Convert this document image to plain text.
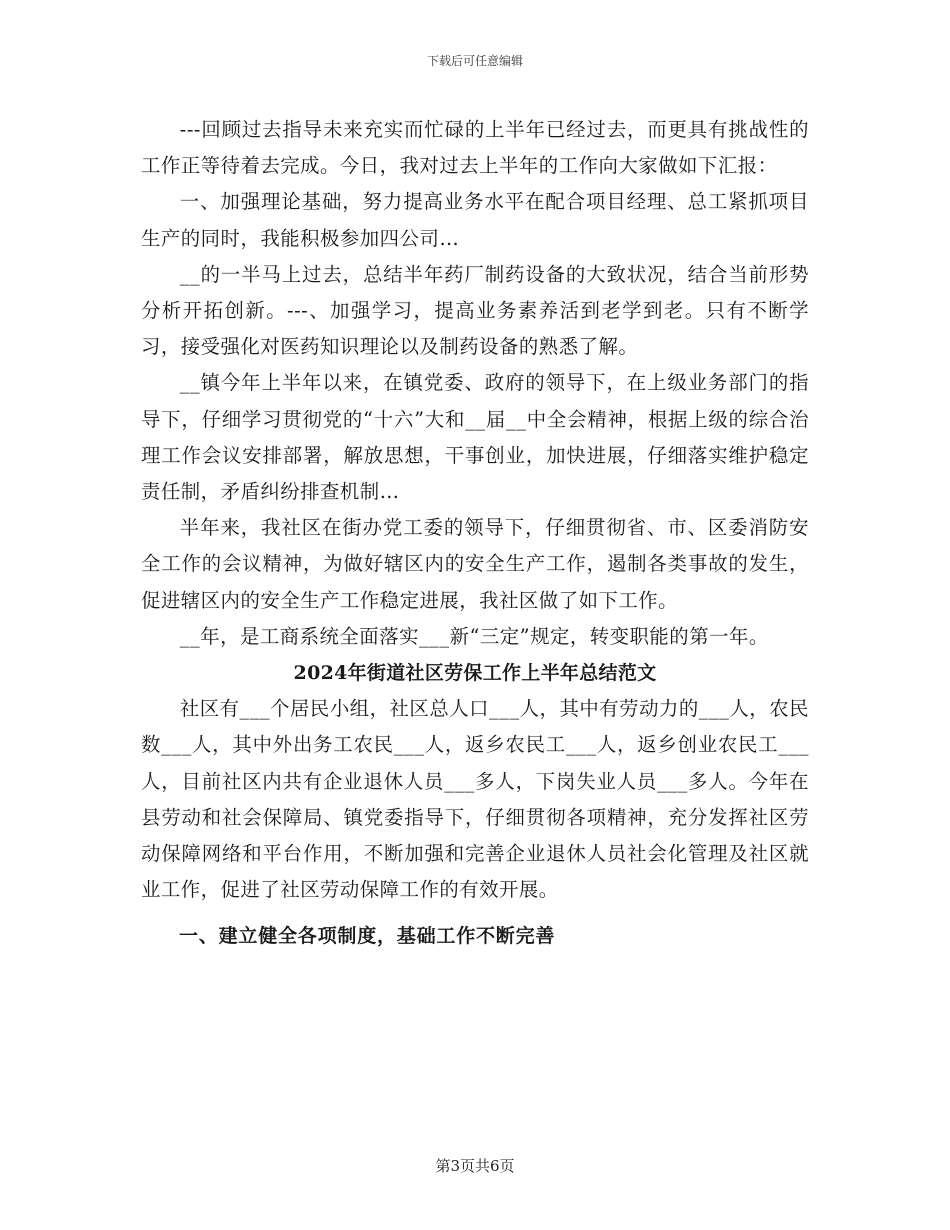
下载后可任意编辑

---回顾过去指导未来充实而忙碌的上半年已经过去，而更具有挑战性的工作正等待着去完成。今日，我对过去上半年的工作向大家做如下汇报：

一、加强理论基础，努力提高业务水平在配合项目经理、总工紧抓项目生产的同时，我能积极参加四公司…

__的一半马上过去，总结半年药厂制药设备的大致状况，结合当前形势分析开拓创新。---、加强学习，提高业务素养活到老学到老。只有不断学习，接受强化对医药知识理论以及制药设备的熟悉了解。

__镇今年上半年以来，在镇党委、政府的领导下，在上级业务部门的指导下，仔细学习贯彻党的“十六”大和__届__中全会精神，根据上级的综合治理工作会议安排部署，解放思想，干事创业，加快进展，仔细落实维护稳定责任制，矛盾纠纷排查机制…

半年来，我社区在街办党工委的领导下，仔细贯彻省、市、区委消防安全工作的会议精神，为做好辖区内的安全生产工作，遏制各类事故的发生，促进辖区内的安全生产工作稳定进展，我社区做了如下工作。

__年，是工商系统全面落实___新“三定”规定，转变职能的第一年。

2024年街道社区劳保工作上半年总结范文

社区有___个居民小组，社区总人口___人，其中有劳动力的___人，农民数___人，其中外出务工农民___人，返乡农民工___人，返乡创业农民工___人，目前社区内共有企业退休人员___多人，下岗失业人员___多人。今年在县劳动和社会保障局、镇党委指导下，仔细贯彻各项精神，充分发挥社区劳动保障网络和平台作用，不断加强和完善企业退休人员社会化管理及社区就业工作，促进了社区劳动保障工作的有效开展。

一、建立健全各项制度，基础工作不断完善

第3页共6页
